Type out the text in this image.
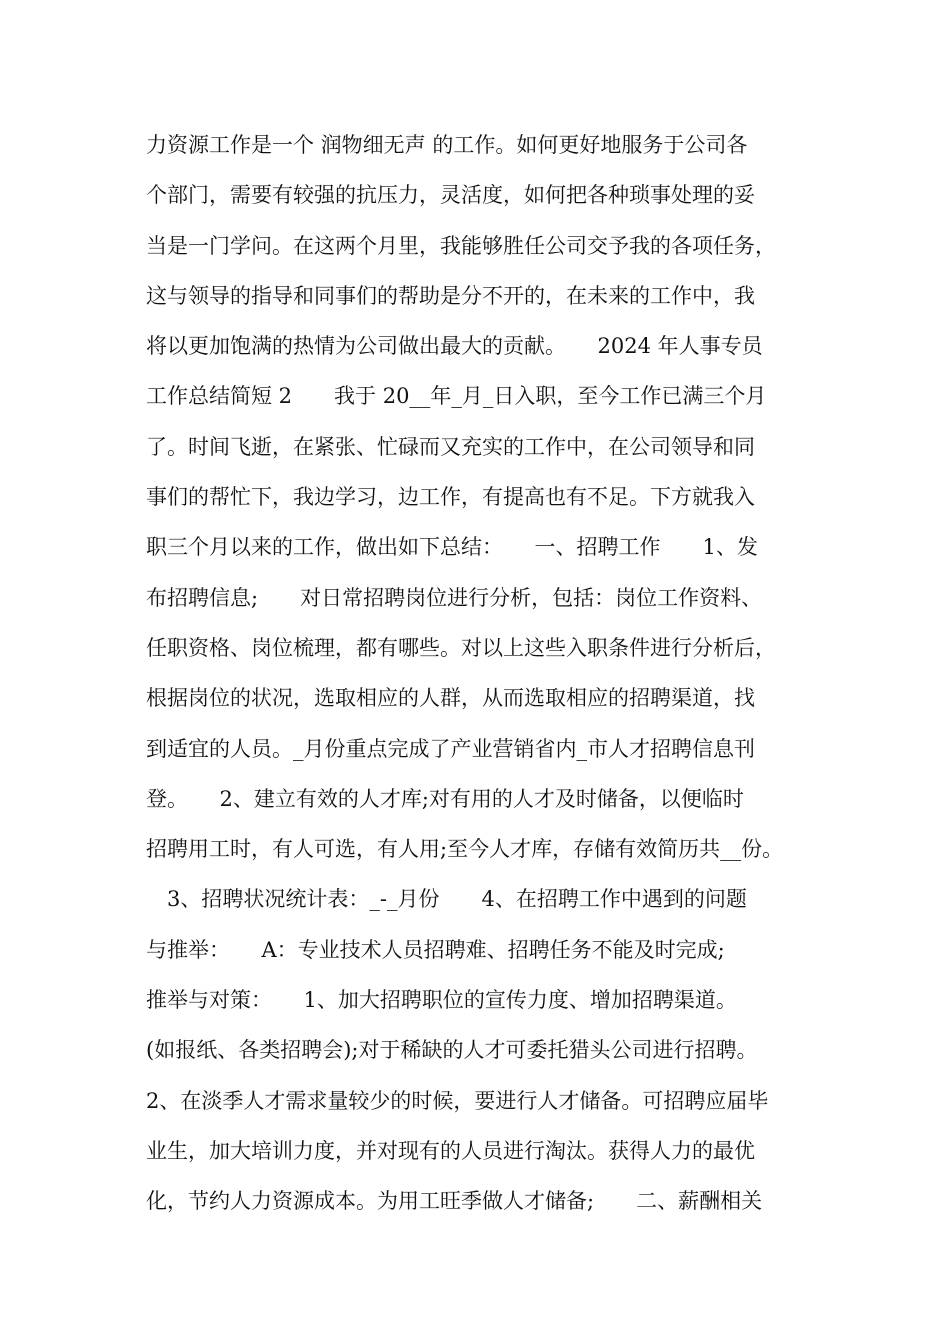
力资源工作是一个 润物细无声 的工作。如何更好地服务于公司各
个部门，需要有较强的抗压力，灵活度，如何把各种琐事处理的妥
当是一门学问。在这两个月里，我能够胜任公司交予我的各项任务，
这与领导的指导和同事们的帮助是分不开的，在未来的工作中，我
将以更加饱满的热情为公司做出最大的贡献。　　2024 年人事专员
工作总结简短 2　　我于 20__年_月_日入职，至今工作已满三个月
了。时间飞逝，在紧张、忙碌而又充实的工作中，在公司领导和同
事们的帮忙下，我边学习，边工作，有提高也有不足。下方就我入
职三个月以来的工作，做出如下总结：　　一、招聘工作　　1、发
布招聘信息;　　对日常招聘岗位进行分析，包括：岗位工作资料、
任职资格、岗位梳理，都有哪些。对以上这些入职条件进行分析后，
根据岗位的状况，选取相应的人群，从而选取相应的招聘渠道，找
到适宜的人员。_月份重点完成了产业营销省内_市人才招聘信息刊
登。　　2、建立有效的人才库;对有用的人才及时储备，以便临时
招聘用工时，有人可选，有人用;至今人才库，存储有效简历共__份。
　3、招聘状况统计表：_-_月份　　4、在招聘工作中遇到的问题
与推举：　　A：专业技术人员招聘难、招聘任务不能及时完成;
推举与对策：　　1、加大招聘职位的宣传力度、增加招聘渠道。
(如报纸、各类招聘会);对于稀缺的人才可委托猎头公司进行招聘。
2、在淡季人才需求量较少的时候，要进行人才储备。可招聘应届毕
业生，加大培训力度，并对现有的人员进行淘汰。获得人力的最优
化，节约人力资源成本。为用工旺季做人才储备;　　二、薪酬相关
